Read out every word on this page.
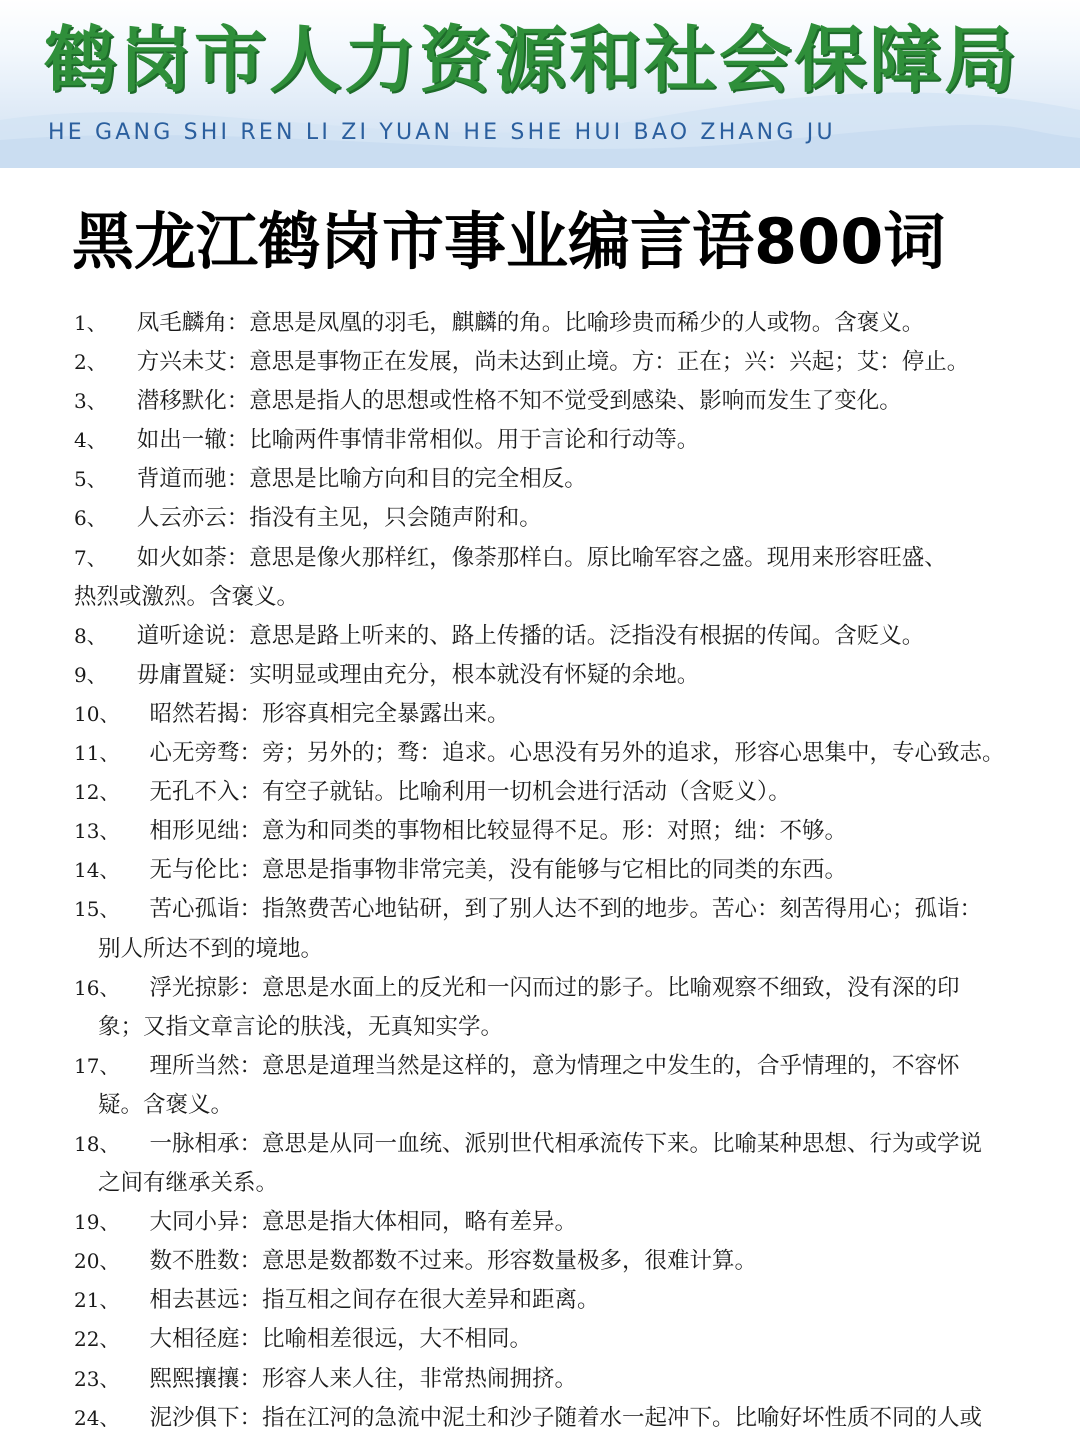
鹤岗市人力资源和社会保障局
HE GANG SHI REN LI ZI YUAN HE SHE HUI BAO ZHANG JU
黑龙江鹤岗市事业编言语800词
1、 凤毛麟角：意思是凤凰的羽毛，麒麟的角。比喻珍贵而稀少的人或物。含褒义。
2、 方兴未艾：意思是事物正在发展，尚未达到止境。方：正在；兴：兴起；艾：停止。
3、 潜移默化：意思是指人的思想或性格不知不觉受到感染、影响而发生了变化。
4、 如出一辙：比喻两件事情非常相似。用于言论和行动等。
5、 背道而驰：意思是比喻方向和目的完全相反。
6、 人云亦云：指没有主见，只会随声附和。
7、 如火如荼：意思是像火那样红，像荼那样白。原比喻军容之盛。现用来形容旺盛、
热烈或激烈。含褒义。
8、 道听途说：意思是路上听来的、路上传播的话。泛指没有根据的传闻。含贬义。
9、 毋庸置疑：实明显或理由充分，根本就没有怀疑的余地。
10、 昭然若揭：形容真相完全暴露出来。
11、 心无旁骛：旁；另外的；骛：追求。心思没有另外的追求，形容心思集中，专心致志。
12、 无孔不入：有空子就钻。比喻利用一切机会进行活动（含贬义）。
13、 相形见绌：意为和同类的事物相比较显得不足。形：对照；绌：不够。
14、 无与伦比：意思是指事物非常完美，没有能够与它相比的同类的东西。
15、 苦心孤诣：指煞费苦心地钻研，到了别人达不到的地步。苦心：刻苦得用心；孤诣：
别人所达不到的境地。
16、 浮光掠影：意思是水面上的反光和一闪而过的影子。比喻观察不细致，没有深的印
象；又指文章言论的肤浅，无真知实学。
17、 理所当然：意思是道理当然是这样的，意为情理之中发生的，合乎情理的，不容怀
疑。含褒义。
18、 一脉相承：意思是从同一血统、派别世代相承流传下来。比喻某种思想、行为或学说
之间有继承关系。
19、 大同小异：意思是指大体相同，略有差异。
20、 数不胜数：意思是数都数不过来。形容数量极多，很难计算。
21、 相去甚远：指互相之间存在很大差异和距离。
22、 大相径庭：比喻相差很远，大不相同。
23、 熙熙攘攘：形容人来人往，非常热闹拥挤。
24、 泥沙俱下：指在江河的急流中泥土和沙子随着水一起冲下。比喻好坏性质不同的人或
